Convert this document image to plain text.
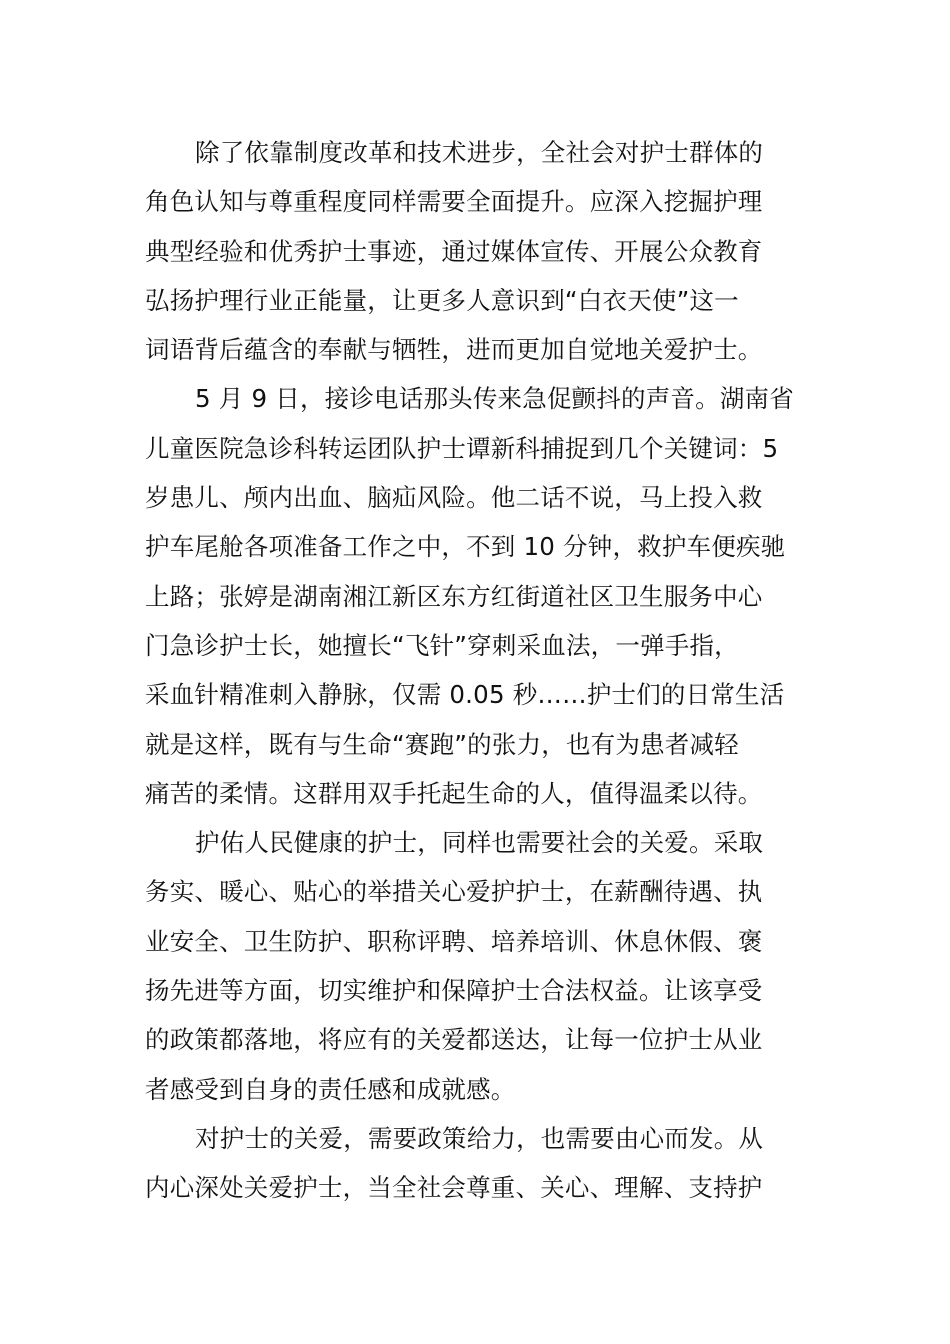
除了依靠制度改革和技术进步，全社会对护士群体的
角色认知与尊重程度同样需要全面提升。应深入挖掘护理
典型经验和优秀护士事迹，通过媒体宣传、开展公众教育
弘扬护理行业正能量，让更多人意识到“白衣天使”这一
词语背后蕴含的奉献与牺牲，进而更加自觉地关爱护士。
5 月 9 日，接诊电话那头传来急促颤抖的声音。湖南省
儿童医院急诊科转运团队护士谭新科捕捉到几个关键词：5
岁患儿、颅内出血、脑疝风险。他二话不说，马上投入救
护车尾舱各项准备工作之中，不到 10 分钟，救护车便疾驰
上路；张婷是湖南湘江新区东方红街道社区卫生服务中心
门急诊护士长，她擅长“飞针”穿刺采血法，一弹手指，
采血针精准刺入静脉，仅需 0.05 秒……护士们的日常生活
就是这样，既有与生命“赛跑”的张力，也有为患者减轻
痛苦的柔情。这群用双手托起生命的人，值得温柔以待。
护佑人民健康的护士，同样也需要社会的关爱。采取
务实、暖心、贴心的举措关心爱护护士，在薪酬待遇、执
业安全、卫生防护、职称评聘、培养培训、休息休假、褒
扬先进等方面，切实维护和保障护士合法权益。让该享受
的政策都落地，将应有的关爱都送达，让每一位护士从业
者感受到自身的责任感和成就感。
对护士的关爱，需要政策给力，也需要由心而发。从
内心深处关爱护士，当全社会尊重、关心、理解、支持护
